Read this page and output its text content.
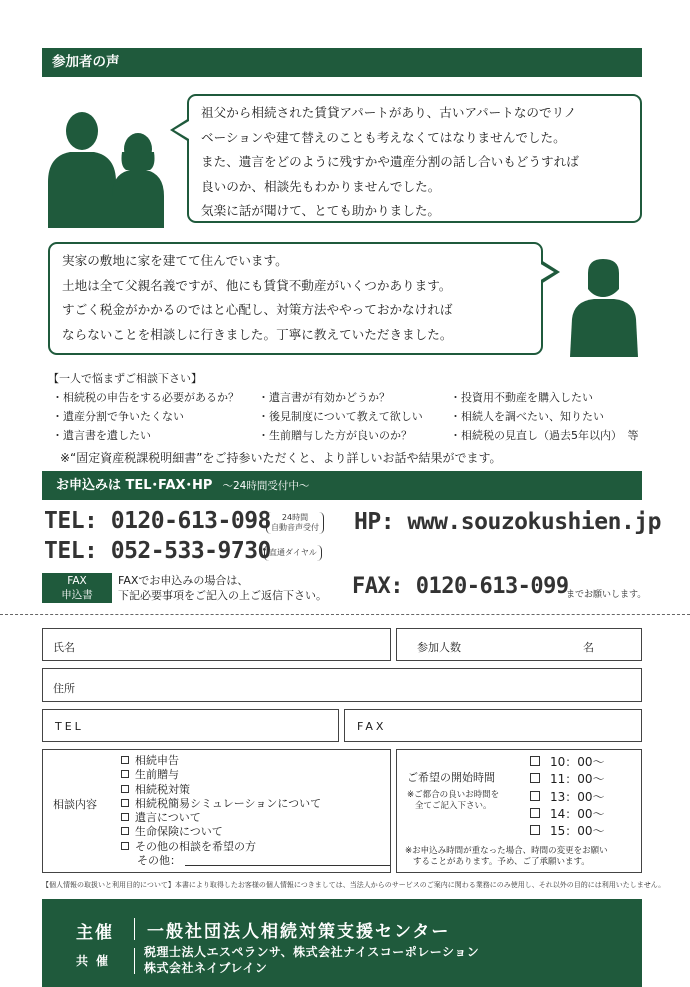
参加者の声
祖父から相続された賃貸アパートがあり、古いアパートなのでリノ
ベーションや建て替えのことも考えなくてはなりませんでした。
また、遺言をどのように残すかや遺産分割の話し合いもどうすれば
良いのか、相談先もわかりませんでした。
気楽に話が聞けて、とても助かりました。
実家の敷地に家を建てて住んでいます。
土地は全て父親名義ですが、他にも賃貸不動産がいくつかあります。
すごく税金がかかるのではと心配し、対策方法ややっておかなければ
ならないことを相談しに行きました。丁寧に教えていただきました。
【一人で悩まずご相談下さい】
・相続税の申告をする必要があるか？
・遺産分割で争いたくない
・遺言書を遺したい
・遺言書が有効かどうか？
・後見制度について教えて欲しい
・生前贈与した方が良いのか？
・投資用不動産を購入したい
・相続人を調べたい、知りたい
・相続税の見直し（過去5年以内）　等
※“固定資産税課税明細書”をご持参いただくと、より詳しいお話や結果がでます。
お申込みは TEL･FAX･HP ～24時間受付中～
TEL: 0120-613-098	24時間
自動音声受付
TEL: 052-533-9730
直通ダイヤル
HP: www.souzokushien.jp
FAX
申込書
FAXでお申込みの場合は、
下記必要事項をご記入の上ご返信下さい。 FAX: 0120-613-099
までお願いします。
氏名	参加人数	名
住所
TEL	FAX
相談内容
相続申告
生前贈与
相続税対策
相続税簡易シミュレーションについて
遺言について
生命保険について
その他の相談を希望の方
その他：
ご希望の開始時間
※ご都合の良いお時間を
全てご記入下さい。
10：00～
11：00～
13：00～
14：00～
15：00～
※お申込み時間が重なった場合、時間の変更をお願い
することがあります。予め、ご了承願います。
【個人情報の取扱いと利用目的について】本書により取得したお客様の個人情報につきましては、当法人からのサービスのご案内に関わる業務にのみ使用し、それ以外の目的には利用いたしません。
主催 一般社団法人相続対策支援センター
共催
税理士法人エスペランサ、株式会社ナイスコーポレーション
株式会社ネイブレイン
